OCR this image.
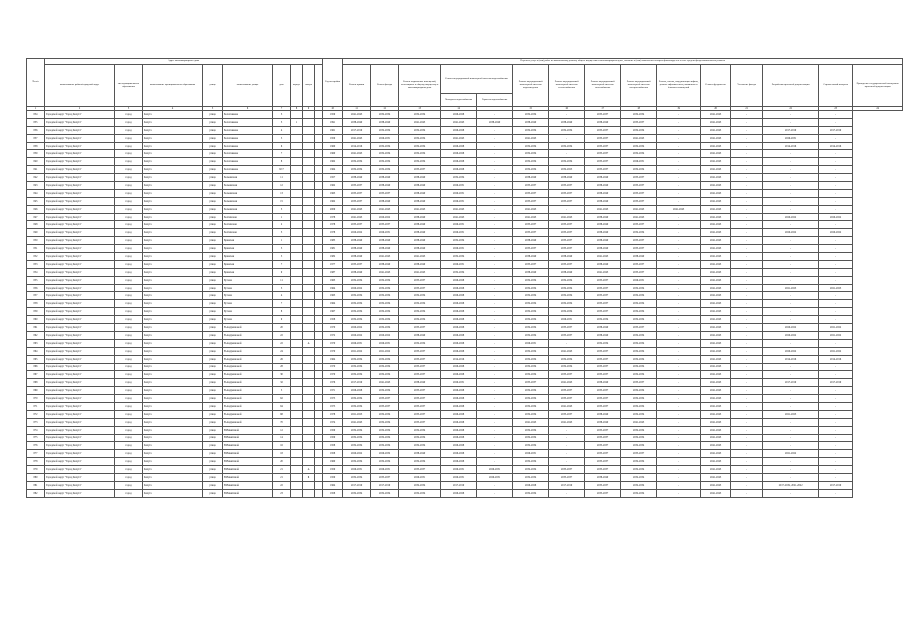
№ п/п	Адрес многоквартирного дома									Год постройки	Перечень услуг и (или) работ по капитальному ремонту общего имущества в многоквартирном доме, оказание и (или) выполнение которых финансируется за счет средств фонда капитального ремонта														
	наименование района/городской округ	тип муниципального образования	наименование муниципального образования	улица	наименование улицы	дом	корпус	литера			Ремонт крыши	Ремонт фасада	Ремонт подвальных помещений, относящихся к общему имуществу в многоквартирном доме	Ремонт внутридомовой инженерной системы водоснабжения		Ремонт внутридомовой инженерной системы водоотведения	Ремонт внутридомовой инженерной системы теплоснабжения	Ремонт внутридомовой инженерной системы газоснабжения	Ремонт внутридомовой инженерной системы электроснабжения	Ремонт, замена, модернизация лифтов, ремонт лифтовых шахт, машинных и блочных помещений	Ремонт фундамента	Утепление фасада	Разработка проектной документации	Строительный контроль	Проведение государственной экспертизы проектной документации
														Холодного водоснабжения	Горячего водоснабжения										
1	2	3	4	5	6	7	8	9		10	11	12	13	14		15	16	17	18	19	20	21	22	23	24
834	Городской округ "Город Калуга"	город	Калуга	улица	Болотникова	3				1959	2041-2043	2032-2034	2032-2034	2026-2028	-	2032-2034	-	2035-2037	2032-2034	-	2041-2043	-	-	-	
835	Городской округ "Город Калуга"	город	Калуга	улица	Болотникова	3	1			1991	2038-2040	2038-2040	2041-2043	2041-2043	2038-2040	2038-2040	2038-2040	2038-2040	2035-2037	-	2041-2043	-	-	-	
836	Городской округ "Город Калуга"	город	Калуга	улица	Болотникова	4				1961	2017-2019	2032-2034	2032-2034	2026-2028	-	2032-2034	2032-2034	2035-2037	2032-2034	-	2041-2043	-	2017-2019	2017-2019	
837	Городской округ "Город Калуга"	город	Калуга	улица	Болотникова	5				1959	2041-2043	2029-2031	2032-2034	2041-2043	-	2041-2043	-	2035-2037	2041-2043	-	2041-2043	-	2029-2031	-	
838	Городской округ "Город Калуга"	город	Калуга	улица	Болотникова	6				1960	2014-2016	2032-2034	2032-2034	2026-2028	-	2032-2034	2032-2034	2035-2037	2032-2034	-	2041-2043	-	2014-2016	2014-2016	
839	Городской округ "Город Калуга"	город	Калуга	улица	Болотникова	7				1960	2041-2043	2032-2034	2032-2034	2026-2028	-	2032-2034	-	2035-2037	2032-2034	-	2041-2043	-	-	-	
840	Городской округ "Город Калуга"	город	Калуга	улица	Болотникова	8				1962	2032-2034	2032-2034	2032-2034	2026-2028	-	2032-2034	2032-2034	2035-2037	2029-2031	-	2041-2043	-	-	-	
841	Городской округ "Город Калуга"	город	Калуга	улица	Болотникова	9/17				1964	2032-2034	2032-2034	2035-2037	2026-2028	-	2032-2034	2032-2025	2035-2037	2032-2034	-	2041-2043	-	-	-	
842	Городской округ "Город Калуга"	город	Калуга	улица	Больничная	11				1957	2038-2040	2038-2040	2038-2040	2032-2034	-	2038-2040	2038-2040	2038-2040	2035-2037	-	2041-2043	-	-	-	
843	Городской округ "Город Калуга"	город	Калуга	улица	Больничная	12				1962	2035-2037	2038-2040	2038-2040	2029-2031	-	2035-2037	2035-2037	2038-2040	2035-2037	-	2041-2043	-	-	-	
844	Городской округ "Город Калуга"	город	Калуга	улица	Больничная	13				1963	2035-2037	2035-2037	2038-2040	2029-2031	-	2035-2037	2035-2037	2038-2040	2035-2037	-	2041-2043	-	-	-	
845	Городской округ "Город Калуга"	город	Калуга	улица	Больничная	15				1962	2035-2037	2038-2040	2038-2040	2029-2031	-	2035-2037	2035-2037	2038-2040	2035-2037	-	2041-2043	-	-	-	
846	Городской округ "Город Калуга"	город	Калуга	улица	Больничная	3				2009	2041-2043	2041-2043	2041-2043	2041-2043	-	2041-2043	-	2041-2043	2041-2043	2041-2043	2041-2043	-	-	-	
847	Городской округ "Город Калуга"	город	Калуга	улица	Болтинская	1				1978	2041-2043	2020-2022	2038-2040	2041-2043	-	2041-2043	2041-2043	2038-2040	2041-2043	-	2041-2043	-	2020-2022	2020-2022	
848	Городской округ "Город Калуга"	город	Калуга	улица	Болтинская	2				1978	2035-2037	2035-2037	2038-2040	2029-2031	-	2035-2037	2035-2037	2038-2040	2035-2037	-	2041-2043	-	-	-	
849	Городской округ "Город Калуга"	город	Калуга	улица	Болтинская	3				1978	2020-2022	2029-2031	2038-2040	2029-2031	-	2035-2037	2035-2037	2038-2040	2032-2034	-	2041-2043	-	2020-2022	2020-2022	
850	Городской округ "Город Калуга"	город	Калуга	улица	Брянская	1				1985	2038-2040	2038-2040	2038-2040	2032-2034	-	2038-2040	2035-2037	2038-2040	2035-2037	-	2041-2043	-	-	-	
851	Городской округ "Город Калуга"	город	Калуга	улица	Брянская	3				1981	2038-2040	2038-2040	2038-2040	2029-2031	-	2035-2037	2035-2037	2038-2040	2035-2037	-	2041-2043	-	-	-	
852	Городской округ "Город Калуга"	город	Калуга	улица	Брянская	5				1982	2038-2040	2041-2043	2041-2043	2032-2034	-	2038-2040	2038-2040	2041-2043	2038-2040	-	2041-2043	-	-	-	
853	Городской округ "Город Калуга"	город	Калуга	улица	Брянская	7				1977	2035-2037	2038-2040	2038-2040	2029-2031	-	2035-2037	2035-2037	2038-2040	2035-2037	-	2041-2043	-	-	-	
854	Городской округ "Город Калуга"	город	Калуга	улица	Брянская	9				1987	2038-2040	2041-2043	2041-2043	2032-2034	-	2038-2040	2038-2040	2041-2043	2035-2037	-	2041-2043	-	-	-	
855	Городской округ "Город Калуга"	город	Калуга	улица	Бутома	11				1963	2032-2034	2032-2034	2035-2037	2026-2028	-	2032-2034	2032-2034	2035-2037	2029-2031	-	2041-2043	-	-	-	
856	Городской округ "Город Калуга"	город	Калуга	улица	Бутома	3				1964	2020-2022	2032-2034	2035-2037	2026-2028	-	2032-2034	2032-2034	2035-2037	2032-2034	-	2041-2043	-	2021-2023	2021-2023	
857	Городской округ "Город Калуга"	город	Калуга	улица	Бутома	4				1963	2032-2034	2032-2034	2032-2034	2026-2028	-	2032-2034	2032-2034	2035-2037	2032-2034	-	2041-2043	-	-	-	
858	Городской округ "Город Калуга"	город	Калуга	улица	Бутома	7				1964	2032-2034	2032-2034	2032-2034	2026-2028	-	2032-2034	2032-2034	2035-2037	2032-2034	-	2041-2043	-	-	-	
859	Городской округ "Город Калуга"	город	Калуга	улица	Бутома	8				1967	2032-2034	2032-2034	2032-2034	2026-2028	-	2032-2034	2032-2034	2035-2037	2032-2034	-	2041-2043	-	-	-	
860	Городской округ "Город Калуга"	город	Калуга	улица	Бутома	9				1958	2032-2034	2032-2034	2032-2034	2026-2028	-	2032-2034	2029-2031	2032-2034	2032-2034	-	2041-2043	-	-	-	
861	Городской округ "Город Калуга"	город	Калуга	улица	В.Андриановой	20				1970	2020-2022	2032-2034	2035-2037	2026-2028	-	2032-2034	2035-2037	2038-2040	2035-2037	-	2041-2043	-	2020-2022	2021-2022	
862	Городской округ "Город Калуга"	город	Калуга	улица	В.Андриановой	22				1972	2020-2022	2020-2022	2038-2040	2026-2028	-	2032-2034	2035-2037	2038-2040	2032-2034	-	2041-2043	-	2020-2022	2021-2022	
863	Городской округ "Город Калуга"	город	Калуга	улица	В.Андриановой	22		А		1970	2029-2031	2029-2031	2032-2034	2026-2028	-	2029-2031	-	2032-2034	2032-2034	-	2041-2043	-	-	-	
864	Городской округ "Город Калуга"	город	Калуга	улица	В.Андриановой	24				1970	2021-2022	2021-2022	2035-2037	2026-2028	-	2032-2034	2041-2043	2035-2037	2032-2034	-	2041-2043	-	2020-2022	2021-2022	
865	Городской округ "Город Калуга"	город	Калуга	улица	В.Андриановой	26				1964	2032-2034	2032-2034	2035-2037	2014-2016	-	2032-2034	2032-2034	2035-2037	2032-2034	-	2041-2043	-	2014-2016	2014-2016	
866	Городской округ "Город Калуга"	город	Калуга	улица	В.Андриановой	28				1970	2032-2034	2032-2034	2035-2037	2026-2028	-	2032-2034	2032-2034	2035-2037	2032-2034	-	2041-2043	-	-	-	
867	Городской округ "Город Калуга"	город	Калуга	улица	В.Андриановой	30				1970	2032-2034	2032-2034	2035-2037	2026-2028	-	2032-2034	2035-2037	2035-2037	2032-2034	-	2041-2043	-	-	-	
868	Городской округ "Город Калуга"	город	Калуга	улица	В.Андриановой	32				1976	2017-2019	2041-2043	2038-2040	2029-2031	-	2035-2037	2041-2043	2038-2040	2035-2037	-	2041-2043	-	2017-2019	2017-2019	
869	Городской округ "Город Калуга"	город	Калуга	улица	В.Андриановой	5				1971	2026-2028	2032-2034	2035-2037	2026-2028	-	2032-2034	2035-2037	2035-2037	2032-2034	-	2041-2043	-	-	-	
870	Городской округ "Город Калуга"	город	Калуга	улица	В.Андриановой	62				1975	2032-2034	2035-2037	2035-2037	2026-2028	-	2032-2034	2035-2037	2035-2037	2032-2034	-	2041-2043	-	-	-	
871	Городской округ "Город Калуга"	город	Калуга	улица	В.Андриановой	64				1975	2032-2034	2035-2037	2035-2037	2026-2028	-	2032-2034	2041-2043	2035-2037	2032-2034	-	2041-2043	-	-	-	
872	Городской округ "Город Калуга"	город	Калуга	улица	В.Андриановой	68				1978	2021-2023	2032-2034	2035-2037	2026-2028	-	2032-2034	2035-2037	2038-2040	2032-2034	-	2041-2043	-	2021-2023	-	
873	Городской округ "Город Калуга"	город	Калуга	улица	В.Андриановой	70				1974	2041-2043	2032-2034	2035-2037	2026-2028	-	2041-2043	2041-2043	2038-2040	2041-2043	-	2041-2043	-	-	-	
874	Городской округ "Город Калуга"	город	Калуга	улица	В.Никитиной	12				1959	2032-2034	2032-2034	2032-2034	2026-2028	-	2032-2034	-	2035-2037	2032-2034	-	2041-2043	-	-	-	
875	Городской округ "Город Калуга"	город	Калуга	улица	В.Никитиной	14				1959	2032-2034	2032-2034	2032-2034	2026-2028	-	2032-2034	-	2035-2037	2032-2034	-	2041-2043	-	-	-	
876	Городской округ "Город Калуга"	город	Калуга	улица	В.Никитиной	16				1958	2032-2034	2032-2034	2032-2034	2026-2028	-	2032-2034	-	2035-2037	2032-2034	-	2041-2043	-	-	-	
877	Городской округ "Город Калуга"	город	Калуга	улица	В.Никитиной	18				1958	2020-2022	2029-2032	2038-2040	2026-2028	-	2029-2031	-	2035-2037	2035-2037	-	2041-2043	-	2021-2022	-	
878	Городской округ "Город Калуга"	город	Калуга	улица	В.Никитиной	20				1960	2032-2034	2032-2034	2032-2034	2026-2028	-	2032-2034	-	2035-2037	2032-2034	-	2041-2043	-	-	-	
879	Городской округ "Город Калуга"	город	Калуга	улица	В.Никитиной	21		А		1959	2029-2031	2029-2031	2035-2037	2029-2031	2029-2031	2032-2034	2035-2037	2035-2037	2032-2034	-	2041-2043	-	-	-	
880	Городской округ "Город Калуга"	город	Калуга	улица	В.Никитиной	21		Б		1959	2032-2034	2035-2037	2029-2031	2029-2031	2029-2031	2032-2034	2035-2037	2038-2040	2032-2034	-	2041-2043	-	-	-	
881	Городской округ "Город Калуга"	город	Калуга	улица	В.Никитиной	22				1964	2017-2019	2017-2019	2032-2034	2017-2019	-	2026-2028	2017-2019	2035-2037	2032-2034	-	2041-2043	-	2017-2019, 2021-2022	2017-2019	
882	Городской округ "Город Калуга"	город	Калуга	улица	В.Никитиной	23				1958	2032-2034	2032-2034	2032-2034	2026-2028	-	2032-2034	-	2035-2037	2032-2034	-	2041-2043	-	-	-	
